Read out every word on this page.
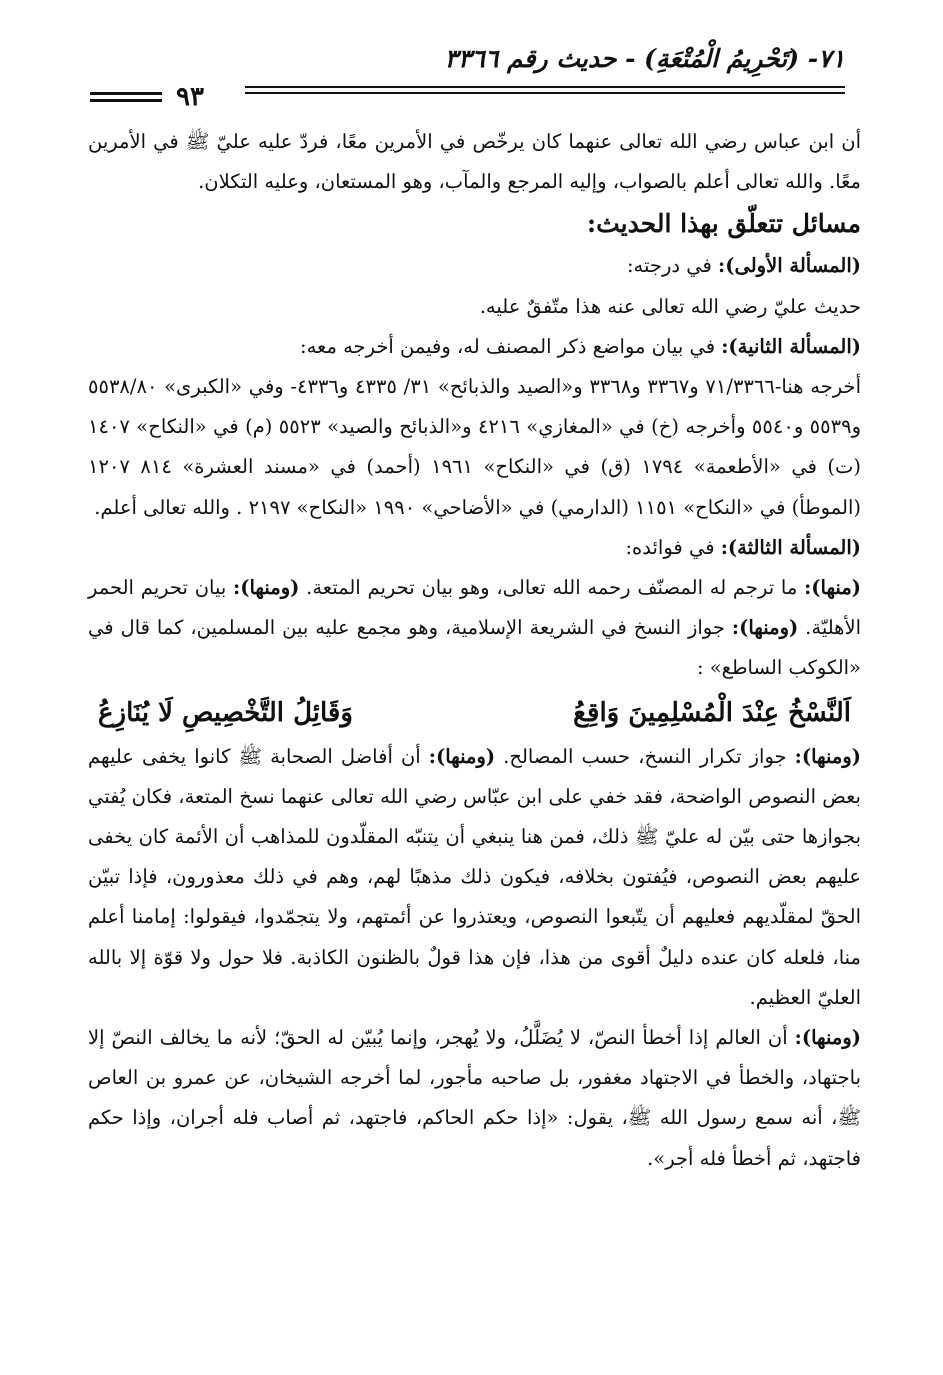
٧١- (تَحْرِيمُ الْمُتْعَةِ) - حديث رقم ٣٣٦٦
٩٣

أن ابن عباس رضي الله تعالى عنهما كان يرخّص في الأمرين معًا، فردّ عليه عليّ ﷺ في الأمرين معًا. والله تعالى أعلم بالصواب، وإليه المرجع والمآب، وهو المستعان، وعليه التكلان.

مسائل تتعلّق بهذا الحديث:

(المسألة الأولى): في درجته:

حديث عليّ رضي الله تعالى عنه هذا متّفقٌ عليه.

(المسألة الثانية): في بيان مواضع ذكر المصنف له، وفيمن أخرجه معه:

أخرجه هنا-٧١/٣٣٦٦ و٣٣٦٧ و٣٣٦٨ و«الصيد والذبائح» ٣١/ ٤٣٣٥ و٤٣٣٦- وفي «الكبرى» ٥٥٣٨/٨٠ و٥٥٣٩ و٥٥٤٠ وأخرجه (خ) في «المغازي» ٤٢١٦ و«الذبائح والصيد» ٥٥٢٣ (م) في «النكاح» ١٤٠٧ (ت) في «الأطعمة» ١٧٩٤ (ق) في «النكاح» ١٩٦١ (أحمد) في «مسند العشرة» ٨١٤ ١٢٠٧ (الموطأ) في «النكاح» ١١٥١ (الدارمي) في «الأضاحي» ١٩٩٠ «النكاح» ٢١٩٧ . والله تعالى أعلم.

(المسألة الثالثة): في فوائده:

(منها): ما ترجم له المصنّف رحمه الله تعالى، وهو بيان تحريم المتعة. (ومنها): بيان تحريم الحمر الأهليّة. (ومنها): جواز النسخ في الشريعة الإسلامية، وهو مجمع عليه بين المسلمين، كما قال في «الكوكب الساطع» :

اَلنَّسْخُ عِنْدَ الْمُسْلِمِينَ وَاقِعُ
وَقَائِلُ التَّخْصِيصِ لَا يُنَازِعُ

(ومنها): جواز تكرار النسخ، حسب المصالح. (ومنها): أن أفاضل الصحابة ﷺ كانوا يخفى عليهم بعض النصوص الواضحة، فقد خفي على ابن عبّاس رضي الله تعالى عنهما نسخ المتعة، فكان يُفتي بجوازها حتى بيّن له عليّ ﷺ ذلك، فمن هنا ينبغي أن يتنبّه المقلّدون للمذاهب أن الأئمة كان يخفى عليهم بعض النصوص، فيُفتون بخلافه، فيكون ذلك مذهبًا لهم، وهم في ذلك معذورون، فإذا تبيّن الحقّ لمقلّديهم فعليهم أن يتّبعوا النصوص، ويعتذروا عن أئمتهم، ولا يتجمّدوا، فيقولوا: إمامنا أعلم منا، فلعله كان عنده دليلٌ أقوى من هذا، فإن هذا قولٌ بالظنون الكاذبة. فلا حول ولا قوّة إلا بالله العليّ العظيم.

(ومنها): أن العالم إذا أخطأ النصّ، لا يُضَلَّلُ، ولا يُهجر، وإنما يُبيّن له الحقّ؛ لأنه ما يخالف النصّ إلا باجتهاد، والخطأ في الاجتهاد مغفور، بل صاحبه مأجور، لما أخرجه الشيخان، عن عمرو بن العاص ﷺ، أنه سمع رسول الله ﷺ، يقول: «إذا حكم الحاكم، فاجتهد، ثم أصاب فله أجران، وإذا حكم فاجتهد، ثم أخطأ فله أجر».
